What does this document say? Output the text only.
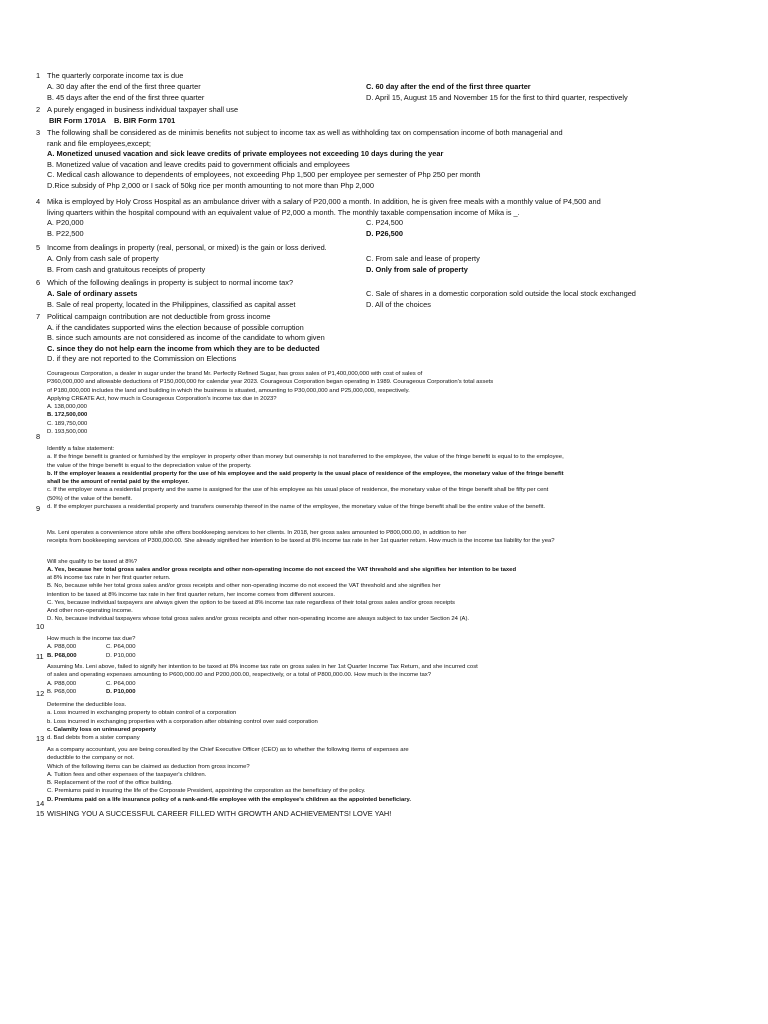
1 The quarterly corporate income tax is due
A. 30 day after the end of the first three quarter	C. 60 day after the end of the first three quarter
B. 45 days after the end of the first three quarter	D. April 15, August 15 and November 15 for the first to third quarter, respectively
2 A purely engaged in business individual taxpayer shall use
BIR Form 1701A    B. BIR Form 1701
3 The following shall be considered as de minimis benefits not subject to income tax as well as withholding tax on compensation income of both managerial and
rank and file employees,except;
A. Monetized unused vacation and sick leave credits of private employees not exceeding 10 days during the year
B. Monetized value of vacation and leave credits paid to government officials and employees
C. Medical cash allowance to dependents of employees, not exceeding Php 1,500 per employee per semester of Php 250 per month
D.Rice subsidy of Php 2,000 or I sack of 50kg rice per month amounting to not more than Php 2,000
4 Mika is employed by Holy Cross Hospital as an ambulance driver with a salary of P20,000 a month. In addition, he is given free meals with a monthly value of P4,500 and
living quarters within the hospital compound with an equivalent value of P2,000 a month. The monthly taxable compensation income of Mika is _.
A. P20,000	C. P24,500
B. P22,500	D. P26,500
5 Income from dealings in property (real, personal, or mixed) is the gain or loss derived.
A. Only from cash sale of property	C. From sale and lease of property
B. From cash and gratuitous receipts of property	D. Only from sale of property
6 Which of the following dealings in property is subject to normal income tax?
A. Sale of ordinary assets	C. Sale of shares in a domestic corporation sold outside the local stock exchanged
B. Sale of real property, located in the Philippines, classified as capital asset	D. All of the choices
7 Political campaign contribution are not deductible from gross income
A. if the candidates supported wins the election because of possible corruption
B. since such amounts are not considered as income of the candidate to whom given
C. since they do not help earn the income from which they are to be deducted
D. if they are not reported to the Commission on Elections
8
Courageous Corporation, a dealer in sugar under the brand Mr. Perfectly Refined Sugar, has gross sales of P1,400,000,000 with cost of sales of
P360,000,000 and allowable deductions of P150,000,000 for calendar year 2023. Courageous Corporation began operating in 1989. Courageous Corporation's total assets
of P180,000,000 includes the land and building in which the business is situated, amounting to P30,000,000 and P25,000,000, respectively.
Applying CREATE Act, how much is Courageous Corporation's income tax due in 2023?
A. 138,000,000
B. 172,500,000
C. 189,750,000
D. 193,500,000
9
Identify a false statement:
a. If the fringe benefit is granted or furnished by the employer in property other than money but ownership is not transferred to the employee, the value of the fringe benefit is equal to to the employee,
the value of the fringe benefit is equal to the depreciation value of the property.
b. If the employer leases a residential property for the use of his employee and the said property is the usual place of residence of the employee, the monetary value of the fringe benefit
shall be the amount of rental paid by the employer.
c. If the employer owns a residential property and the same is assigned for the use of his employee as his usual place of residence, the monetary value of the fringe benefit shall be fifty per cent
(50%) of the value of the benefit.
d. If the employer purchases a residential property and transfers ownership thereof in the name of the employee, the monetary value of the fringe benefit shall be the entire value of the benefit.
10
Ms. Leni operates a convenience store while she offers bookkeeping services to her clients. In 2018, her gross sales amounted to P800,000.00, in addition to her
receipts from bookkeeping services of P300,000.00. She already signified her intention to be taxed at 8% income tax rate in her 1st quarter return. How much is the income tax liability for the yea?
Will she qualify to be taxed at 8%?
A. Yes, because her total gross sales and/or gross receipts and other non-operating income do not exceed the VAT threshold and she signifies her intention to be taxed
at 8% income tax rate in her first quarter return.
B. No, because while her total gross sales and/or gross receipts and other non-operating income do not exceed the VAT threshold and she signifies her
intention to be taxed at 8% income tax rate in her first quarter return, her income comes from different sources.
C. Yes, because individual taxpayers are always given the option to be taxed at 8% income tax rate regardless of their total gross sales and/or gross receipts
And other non-operating income.
D. No, because individual taxpayers whose total gross sales and/or gross receipts and other non-operating income are always subject to tax under Section 24 (A).
11
How much is the income tax due?
A. P88,000	C. P64,000
B. P68,000	D. P10,000
12
Assuming Ms. Leni above, failed to signify her intention to be taxed at 8% income tax rate on gross sales in her 1st Quarter Income Tax Return, and she incurred cost
of sales and operating expenses amounting to P600,000.00 and P200,000.00, respectively, or a total of P800,000.00. How much is the income tax?
A. P88,000	C. P64,000
B. P68,000	D. P10,000
13
Determine the deductible loss.
a. Loss incurred in exchanging property to obtain control of a corporation
b. Loss incurred in exchanging properties with a corporation after obtaining control over said corporation
c. Calamity loss on uninsured property
d. Bad debts from a sister company
14
As a company accountant, you are being consulted by the Chief Executive Officer (CEO) as to whether the following items of expenses are
deductible to the company or not.
Which of the following items can be claimed as deduction from gross income?
A. Tuition fees and other expenses of the taxpayer's children.
B. Replacement of the roof of the office building.
C. Premiums paid in insuring the life of the Corporate President, appointing the corporation as the beneficiary of the policy.
D. Premiums paid on a life insurance policy of a rank-and-file employee with the employee's children as the appointed beneficiary.
15 WISHING YOU A SUCCESSFUL CAREER FILLED WITH GROWTH AND ACHIEVEMENTS! LOVE YAH!
